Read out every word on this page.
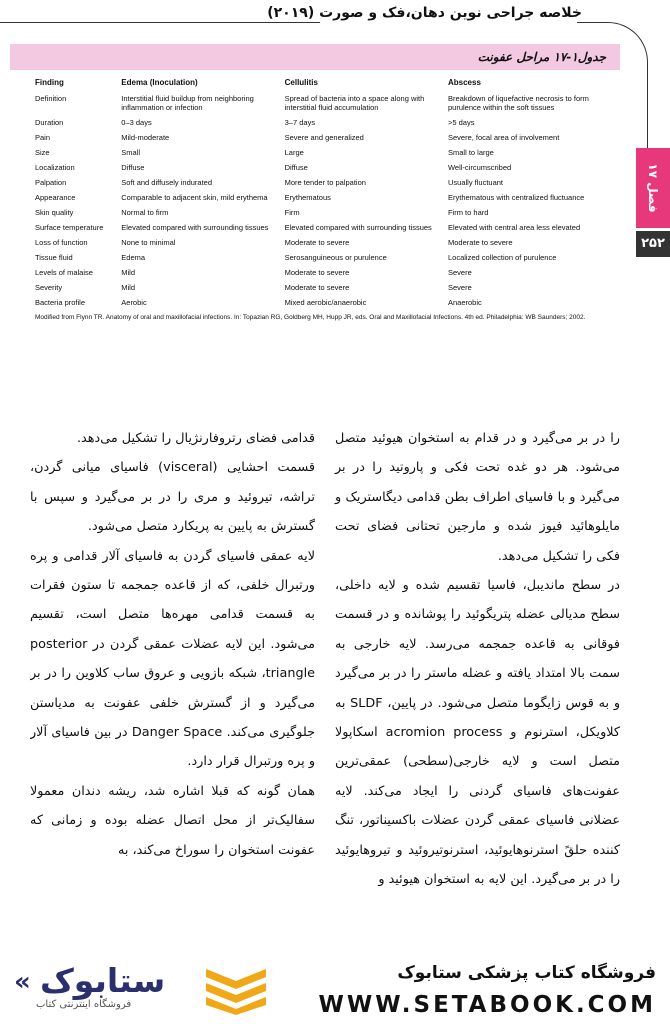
خلاصه جراحی نوین دهان،فک و صورت (۲۰۱۹)
فصل ۱۷
۲۵۲
جدول۱-۱۷ مراحل عفونت
Finding	Edema (Inoculation)	Cellulitis	Abscess
Definition	Interstitial fluid buildup from neighboring inflammation or infection	Spread of bacteria into a space along with interstitial fluid accumulation	Breakdown of liquefactive necrosis to form purulence within the soft tissues
Duration	0–3 days	3–7 days	>5 days
Pain	Mild-moderate	Severe and generalized	Severe, focal area of involvement
Size	Small	Large	Small to large
Localization	Diffuse	Diffuse	Well-circumscribed
Palpation	Soft and diffusely indurated	More tender to palpation	Usually fluctuant
Appearance	Comparable to adjacent skin, mild erythema	Erythematous	Erythematous with centralized fluctuance
Skin quality	Normal to firm	Firm	Firm to hard
Surface temperature	Elevated compared with surrounding tissues	Elevated compared with surrounding tissues	Elevated with central area less elevated
Loss of function	None to minimal	Moderate to severe	Moderate to severe
Tissue fluid	Edema	Serosanguineous or purulence	Localized collection of purulence
Levels of malaise	Mild	Moderate to severe	Severe
Severity	Mild	Moderate to severe	Severe
Bacteria profile	Aerobic	Mixed aerobic/anaerobic	Anaerobic
Modified from Flynn TR. Anatomy of oral and maxillofacial infections. In: Topazian RG, Goldberg MH, Hupp JR, eds. Oral and Maxillofacial Infections. 4th ed. Philadelphia: WB Saunders; 2002.

را در بر می‌گیرد و در قدام به استخوان هیوئید متصل می‌شود. هر دو غده تحت فکی و پاروتید را در بر می‌گیرد و با فاسیای اطراف بطن قدامی دیگاستریک و مایلوهائید فیوز شده و مارجین تحتانی فضای تحت فکی را تشکیل می‌دهد.

در سطح ماندیبل، فاسیا تقسیم شده و لایه داخلی، سطح مدیالی عضله پتریگوئید را پوشانده و در قسمت فوقانی به قاعده جمجمه می‌رسد. لایه خارجی به سمت بالا امتداد یافته و عضله ماستر را در بر می‌گیرد و به قوس زایگوما متصل می‌شود. در پایین، SLDF به کلاویکل، استرنوم و acromion process اسکاپولا متصل است و لایه خارجی(سطحی) عمقی‌ترین عفونت‌های فاسیای گردنی را ایجاد می‌کند. لایه عضلانی فاسیای عمقی گردن عضلات باکسیناتور، تنگ کننده حلقً استرنوهایوئید، استرنوتیروئید و تیروهایوئید را در بر می‌گیرد. این لایه به استخوان هیوئید و

قدامی فضای رتروفارنژیال را تشکیل می‌دهد.

قسمت احشایی (visceral) فاسیای میانی گردن، تراشه، تیروئید و مری را در بر می‌گیرد و سپس با گسترش به پایین به پریکارد متصل می‌شود.

لایه عمقی فاسیای گردن به فاسیای آلار قدامی و پره ورتبرال خلفی، که از قاعده جمجمه تا ستون فقرات به قسمت قدامی مهره‌ها متصل است، تقسیم می‌شود. این لایه عضلات عمقی گردن در posterior triangle، شبکه بازویی و عروق ساب کلاوین را در بر می‌گیرد و از گسترش خلفی عفونت به مدیاستن جلوگیری می‌کند. Danger Space در بین فاسیای آلار و پره ورتبرال قرار دارد.

همان گونه که قبلا اشاره شد، ریشه دندان معمولا سفالیک‌تر از محل اتصال عضله بوده و زمانی که عفونت استخوان را سوراخ می‌کند، به

فروشگاه کتاب پزشکی ستابوک
WWW.SETABOOK.COM
« ستابوک
فروشگاه اینترنتی کتاب
